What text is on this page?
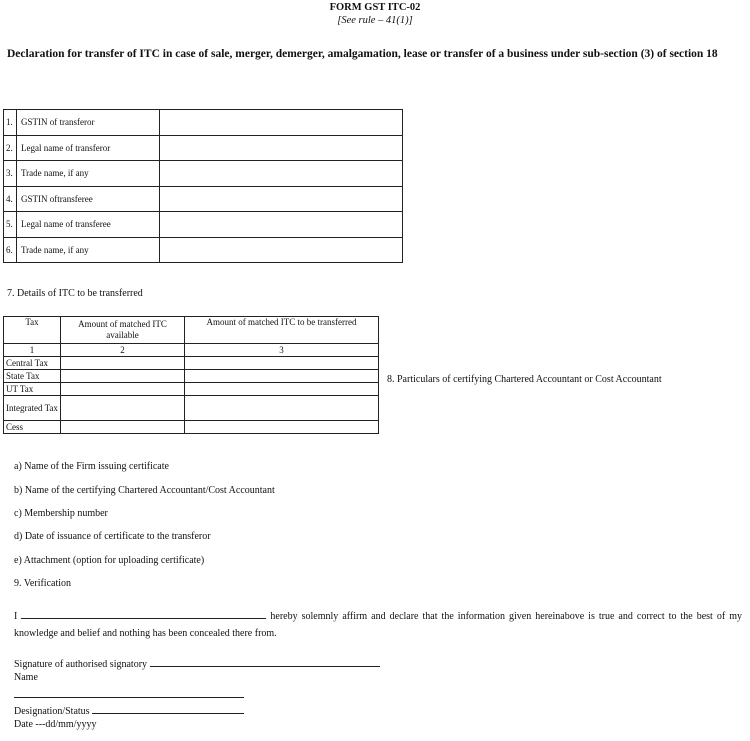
FORM GST ITC-02
[See rule – 41(1)]
Declaration for transfer of ITC in case of sale, merger, demerger, amalgamation, lease or transfer of a business under sub-section (3) of section 18
1.	GSTIN of transferor	
2.	Legal name of transferor	
3.	Trade name, if any	
4.	GSTIN oftransferee	
5.	Legal name of transferee	
6.	Trade name, if any	
7. Details of ITC to be transferred
Tax	Amount of matched ITC available	Amount of matched ITC to be transferred
1	2	3
Central Tax		
State Tax		
UT Tax		
Integrated Tax		
Cess		
8. Particulars of certifying Chartered Accountant or Cost Accountant
a) Name of the Firm issuing certificate
b) Name of the certifying Chartered Accountant/Cost Accountant
c) Membership number
d) Date of issuance of certificate to the transferor
e) Attachment (option for uploading certificate)
9. Verification
I	hereby solemnly affirm and declare that the information given hereinabove is true and correct to the best of my knowledge and belief and nothing has been concealed there from.
Signature of authorised signatory
Name
Designation/Status
Date ---dd/mm/yyyy
